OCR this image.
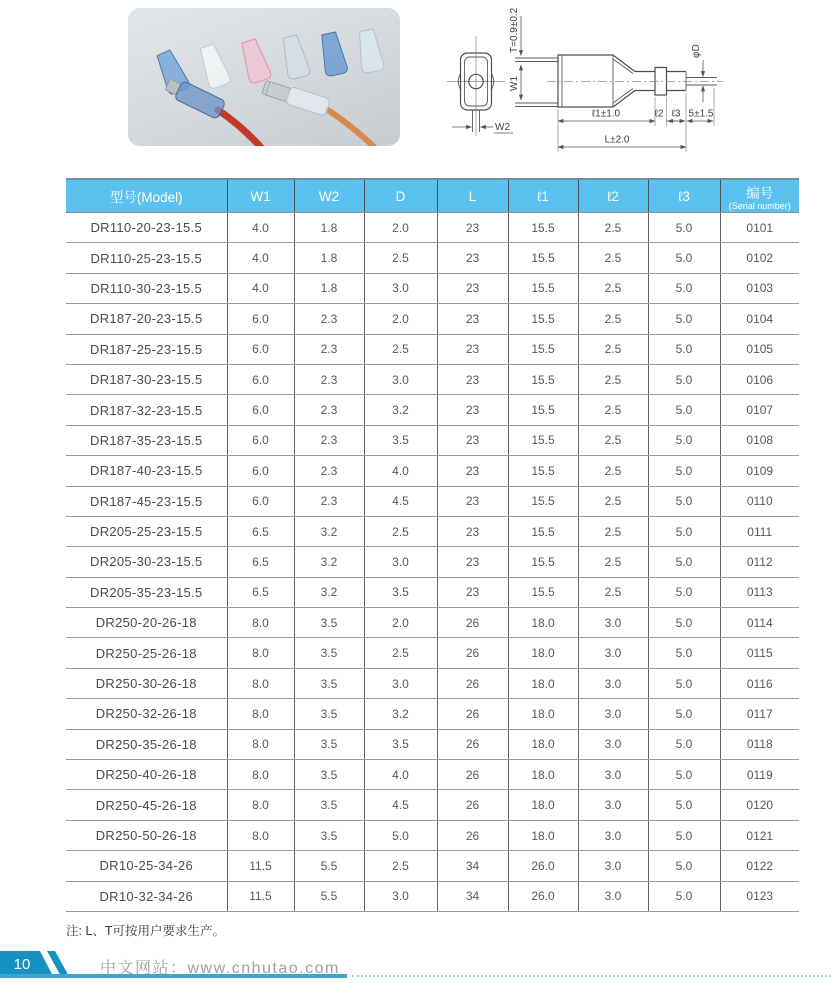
W2
T=0.9±0.2
W1
φD
ℓ1±1.0	ℓ2 ℓ3 5±1.5
L±2.0
型号(Model)	W1	W2	D	L	ℓ1	ℓ2	ℓ3	编号
(Serial number)

DR110-20-23-15.5	4.0	1.8	2.0	23	15.5	2.5	5.0	0101
DR110-25-23-15.5	4.0	1.8	2.5	23	15.5	2.5	5.0	0102
DR110-30-23-15.5	4.0	1.8	3.0	23	15.5	2.5	5.0	0103
DR187-20-23-15.5	6.0	2.3	2.0	23	15.5	2.5	5.0	0104
DR187-25-23-15.5	6.0	2.3	2.5	23	15.5	2.5	5.0	0105
DR187-30-23-15.5	6.0	2.3	3.0	23	15.5	2.5	5.0	0106
DR187-32-23-15.5	6.0	2.3	3.2	23	15.5	2.5	5.0	0107
DR187-35-23-15.5	6.0	2.3	3.5	23	15.5	2.5	5.0	0108
DR187-40-23-15.5	6.0	2.3	4.0	23	15.5	2.5	5.0	0109
DR187-45-23-15.5	6.0	2.3	4.5	23	15.5	2.5	5.0	0110
DR205-25-23-15.5	6.5	3.2	2.5	23	15.5	2.5	5.0	0111
DR205-30-23-15.5	6.5	3.2	3.0	23	15.5	2.5	5.0	0112
DR205-35-23-15.5	6.5	3.2	3.5	23	15.5	2.5	5.0	0113
DR250-20-26-18	8.0	3.5	2.0	26	18.0	3.0	5.0	0114
DR250-25-26-18	8.0	3.5	2.5	26	18.0	3.0	5.0	0115
DR250-30-26-18	8.0	3.5	3.0	26	18.0	3.0	5.0	0116
DR250-32-26-18	8.0	3.5	3.2	26	18.0	3.0	5.0	0117
DR250-35-26-18	8.0	3.5	3.5	26	18.0	3.0	5.0	0118
DR250-40-26-18	8.0	3.5	4.0	26	18.0	3.0	5.0	0119
DR250-45-26-18	8.0	3.5	4.5	26	18.0	3.0	5.0	0120
DR250-50-26-18	8.0	3.5	5.0	26	18.0	3.0	5.0	0121
DR10-25-34-26	11.5	5.5	2.5	34	26.0	3.0	5.0	0122
DR10-32-34-26	11.5	5.5	3.0	34	26.0	3.0	5.0	0123
注: L、T可按用户要求生产。
10	中文网站：www.cnhutao.com
